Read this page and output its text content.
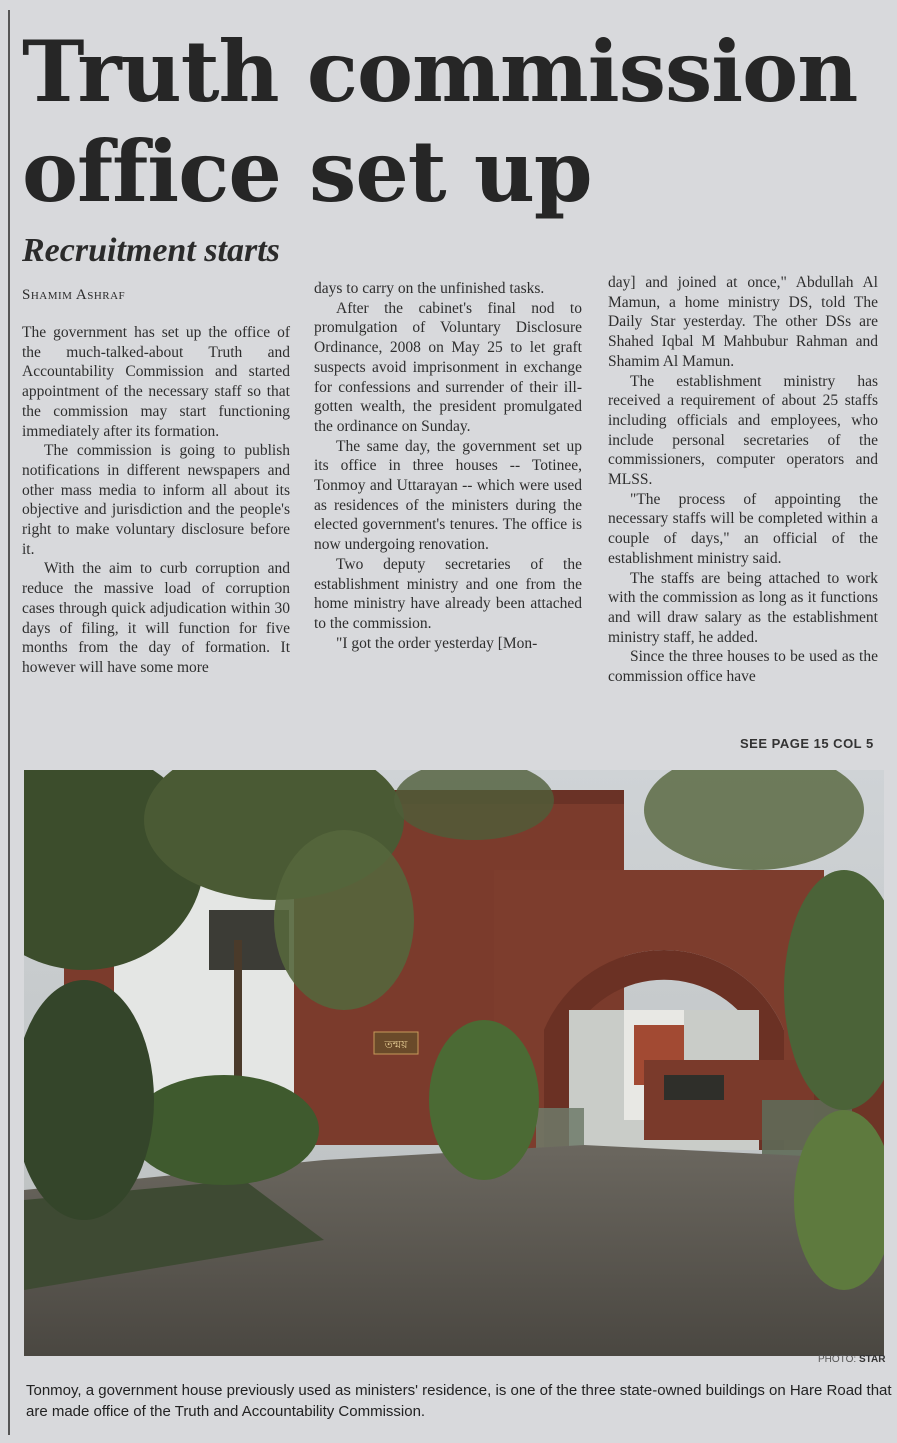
Truth commission
office set up
Recruitment starts
Shamim Ashraf

The government has set up the office of the much-talked-about Truth and Accountability Commission and started appointment of the necessary staff so that the commission may start functioning immediately after its formation.

The commission is going to publish notifications in different newspapers and other mass media to inform all about its objective and jurisdiction and the people's right to make voluntary disclosure before it.

With the aim to curb corruption and reduce the massive load of corruption cases through quick adjudication within 30 days of filing, it will function for five months from the day of formation. It however will have some more

days to carry on the unfinished tasks.

After the cabinet's final nod to promulgation of Voluntary Disclosure Ordinance, 2008 on May 25 to let graft suspects avoid imprisonment in exchange for confessions and surrender of their ill-gotten wealth, the president promulgated the ordinance on Sunday.

The same day, the government set up its office in three houses -- Totinee, Tonmoy and Uttarayan -- which were used as residences of the ministers during the elected government's tenures. The office is now undergoing renovation.

Two deputy secretaries of the establishment ministry and one from the home ministry have already been attached to the commission.

"I got the order yesterday [Mon-

day] and joined at once," Abdullah Al Mamun, a home ministry DS, told The Daily Star yesterday. The other DSs are Shahed Iqbal M Mahbubur Rahman and Shamim Al Mamun.

The establishment ministry has received a requirement of about 25 staffs including officials and employees, who include personal secretaries of the commissioners, computer operators and MLSS.

"The process of appointing the necessary staffs will be completed within a couple of days," an official of the establishment ministry said.

The staffs are being attached to work with the commission as long as it functions and will draw salary as the establishment ministry staff, he added.

Since the three houses to be used as the commission office have

SEE PAGE 15 COL 5
তন্ময়
PHOTO: STAR
Tonmoy, a government house previously used as ministers' residence, is one of the three state-owned buildings on Hare Road that are made office of the Truth and Accountability Commission.
